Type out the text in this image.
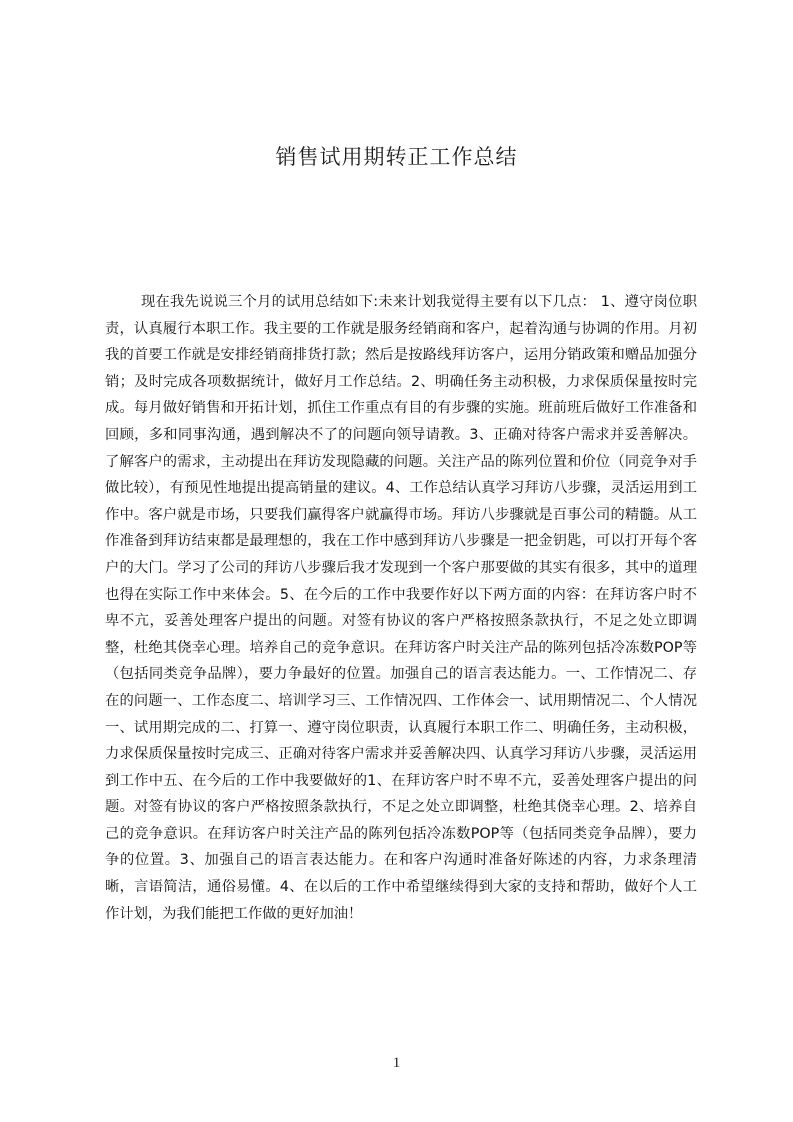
销售试用期转正工作总结

现在我先说说三个月的试用总结如下:未来计划我觉得主要有以下几点： 1、遵守岗位职责，认真履行本职工作。我主要的工作就是服务经销商和客户，起着沟通与协调的作用。月初我的首要工作就是安排经销商排货打款；然后是按路线拜访客户，运用分销政策和赠品加强分销；及时完成各项数据统计，做好月工作总结。2、明确任务主动积极，力求保质保量按时完成。每月做好销售和开拓计划，抓住工作重点有目的有步骤的实施。班前班后做好工作准备和回顾，多和同事沟通，遇到解决不了的问题向领导请教。3、正确对待客户需求并妥善解决。了解客户的需求，主动提出在拜访发现隐藏的问题。关注产品的陈列位置和价位（同竞争对手做比较），有预见性地提出提高销量的建议。4、工作总结认真学习拜访八步骤，灵活运用到工作中。客户就是市场，只要我们赢得客户就赢得市场。拜访八步骤就是百事公司的精髓。从工作准备到拜访结束都是最理想的，我在工作中感到拜访八步骤是一把金钥匙，可以打开每个客户的大门。学习了公司的拜访八步骤后我才发现到一个客户那要做的其实有很多，其中的道理也得在实际工作中来体会。5、在今后的工作中我要作好以下两方面的内容：在拜访客户时不卑不亢，妥善处理客户提出的问题。对签有协议的客户严格按照条款执行，不足之处立即调整，杜绝其侥幸心理。培养自己的竞争意识。在拜访客户时关注产品的陈列包括冷冻数POP等（包括同类竞争品牌），要力争最好的位置。加强自己的语言表达能力。一、工作情况二、存在的问题一、工作态度二、培训学习三、工作情况四、工作体会一、试用期情况二、个人情况一、试用期完成的二、打算一、遵守岗位职责，认真履行本职工作二、明确任务，主动积极，力求保质保量按时完成三、正确对待客户需求并妥善解决四、认真学习拜访八步骤，灵活运用到工作中五、在今后的工作中我要做好的1、在拜访客户时不卑不亢，妥善处理客户提出的问题。对签有协议的客户严格按照条款执行，不足之处立即调整，杜绝其侥幸心理。2、培养自己的竞争意识。在拜访客户时关注产品的陈列包括冷冻数POP等（包括同类竞争品牌），要力争的位置。3、加强自己的语言表达能力。在和客户沟通时准备好陈述的内容，力求条理清晰，言语简洁，通俗易懂。4、在以后的工作中希望继续得到大家的支持和帮助，做好个人工作计划，为我们能把工作做的更好加油！

1
